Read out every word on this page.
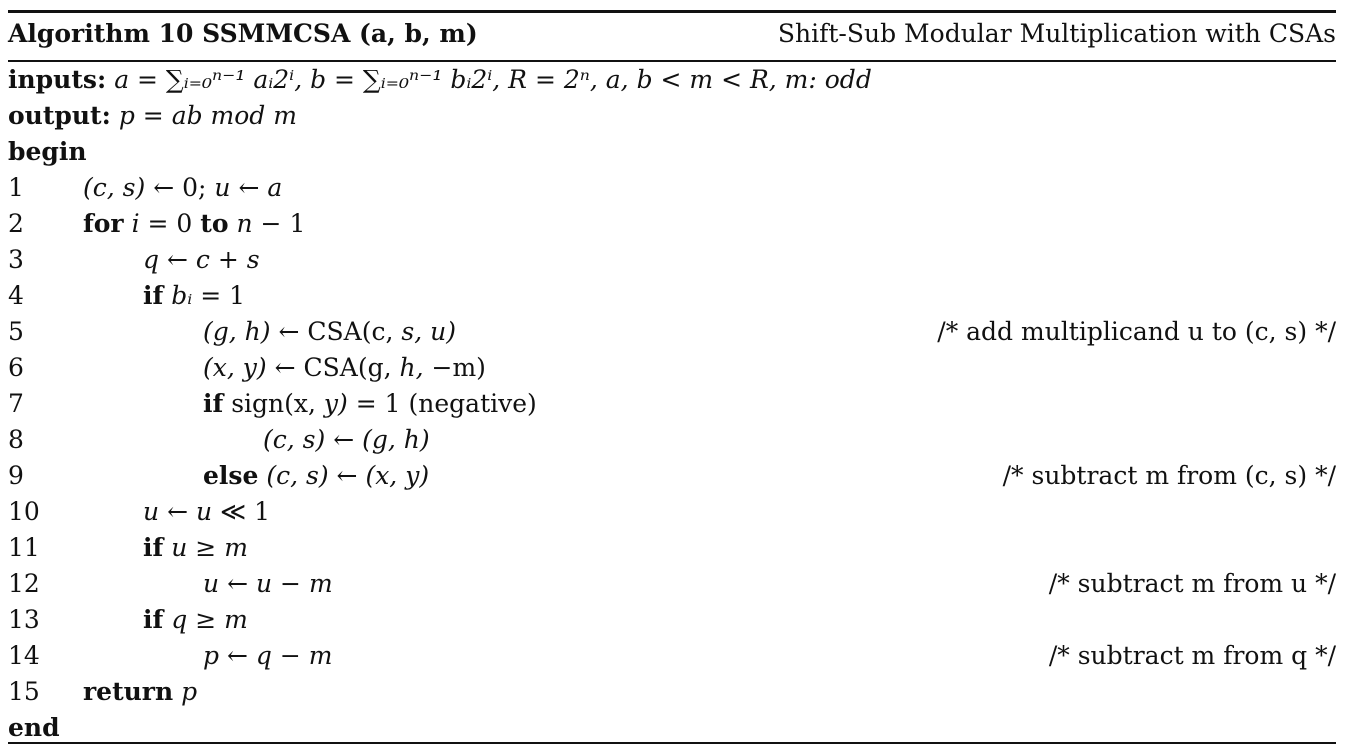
Algorithm 10 SSMMCSA (a, b, m)	Shift-Sub Modular Multiplication with CSAs
inputs: a = ∑ᵢ₌₀ⁿ⁻¹ aᵢ2ⁱ, b = ∑ᵢ₌₀ⁿ⁻¹ bᵢ2ⁱ, R = 2ⁿ, a, b < m < R, m: odd
output: p = ab mod m
begin
1 (c, s) ← 0; u ← a
2 for i = 0 to n − 1
3	q ← c + s
4	if bᵢ = 1
5	(g, h) ← CSA(c, s, u)	/* add multiplicand u to (c, s) */
6	(x, y) ← CSA(g, h, −m)
7	if sign(x, y) = 1 (negative)
8	(c, s) ← (g, h)
9	else (c, s) ← (x, y)	/* subtract m from (c, s) */
10	u ← u ≪ 1
11	if u ≥ m
12	u ← u − m	/* subtract m from u */
13	if q ≥ m
14	p ← q − m	/* subtract m from q */
15 return p
end
